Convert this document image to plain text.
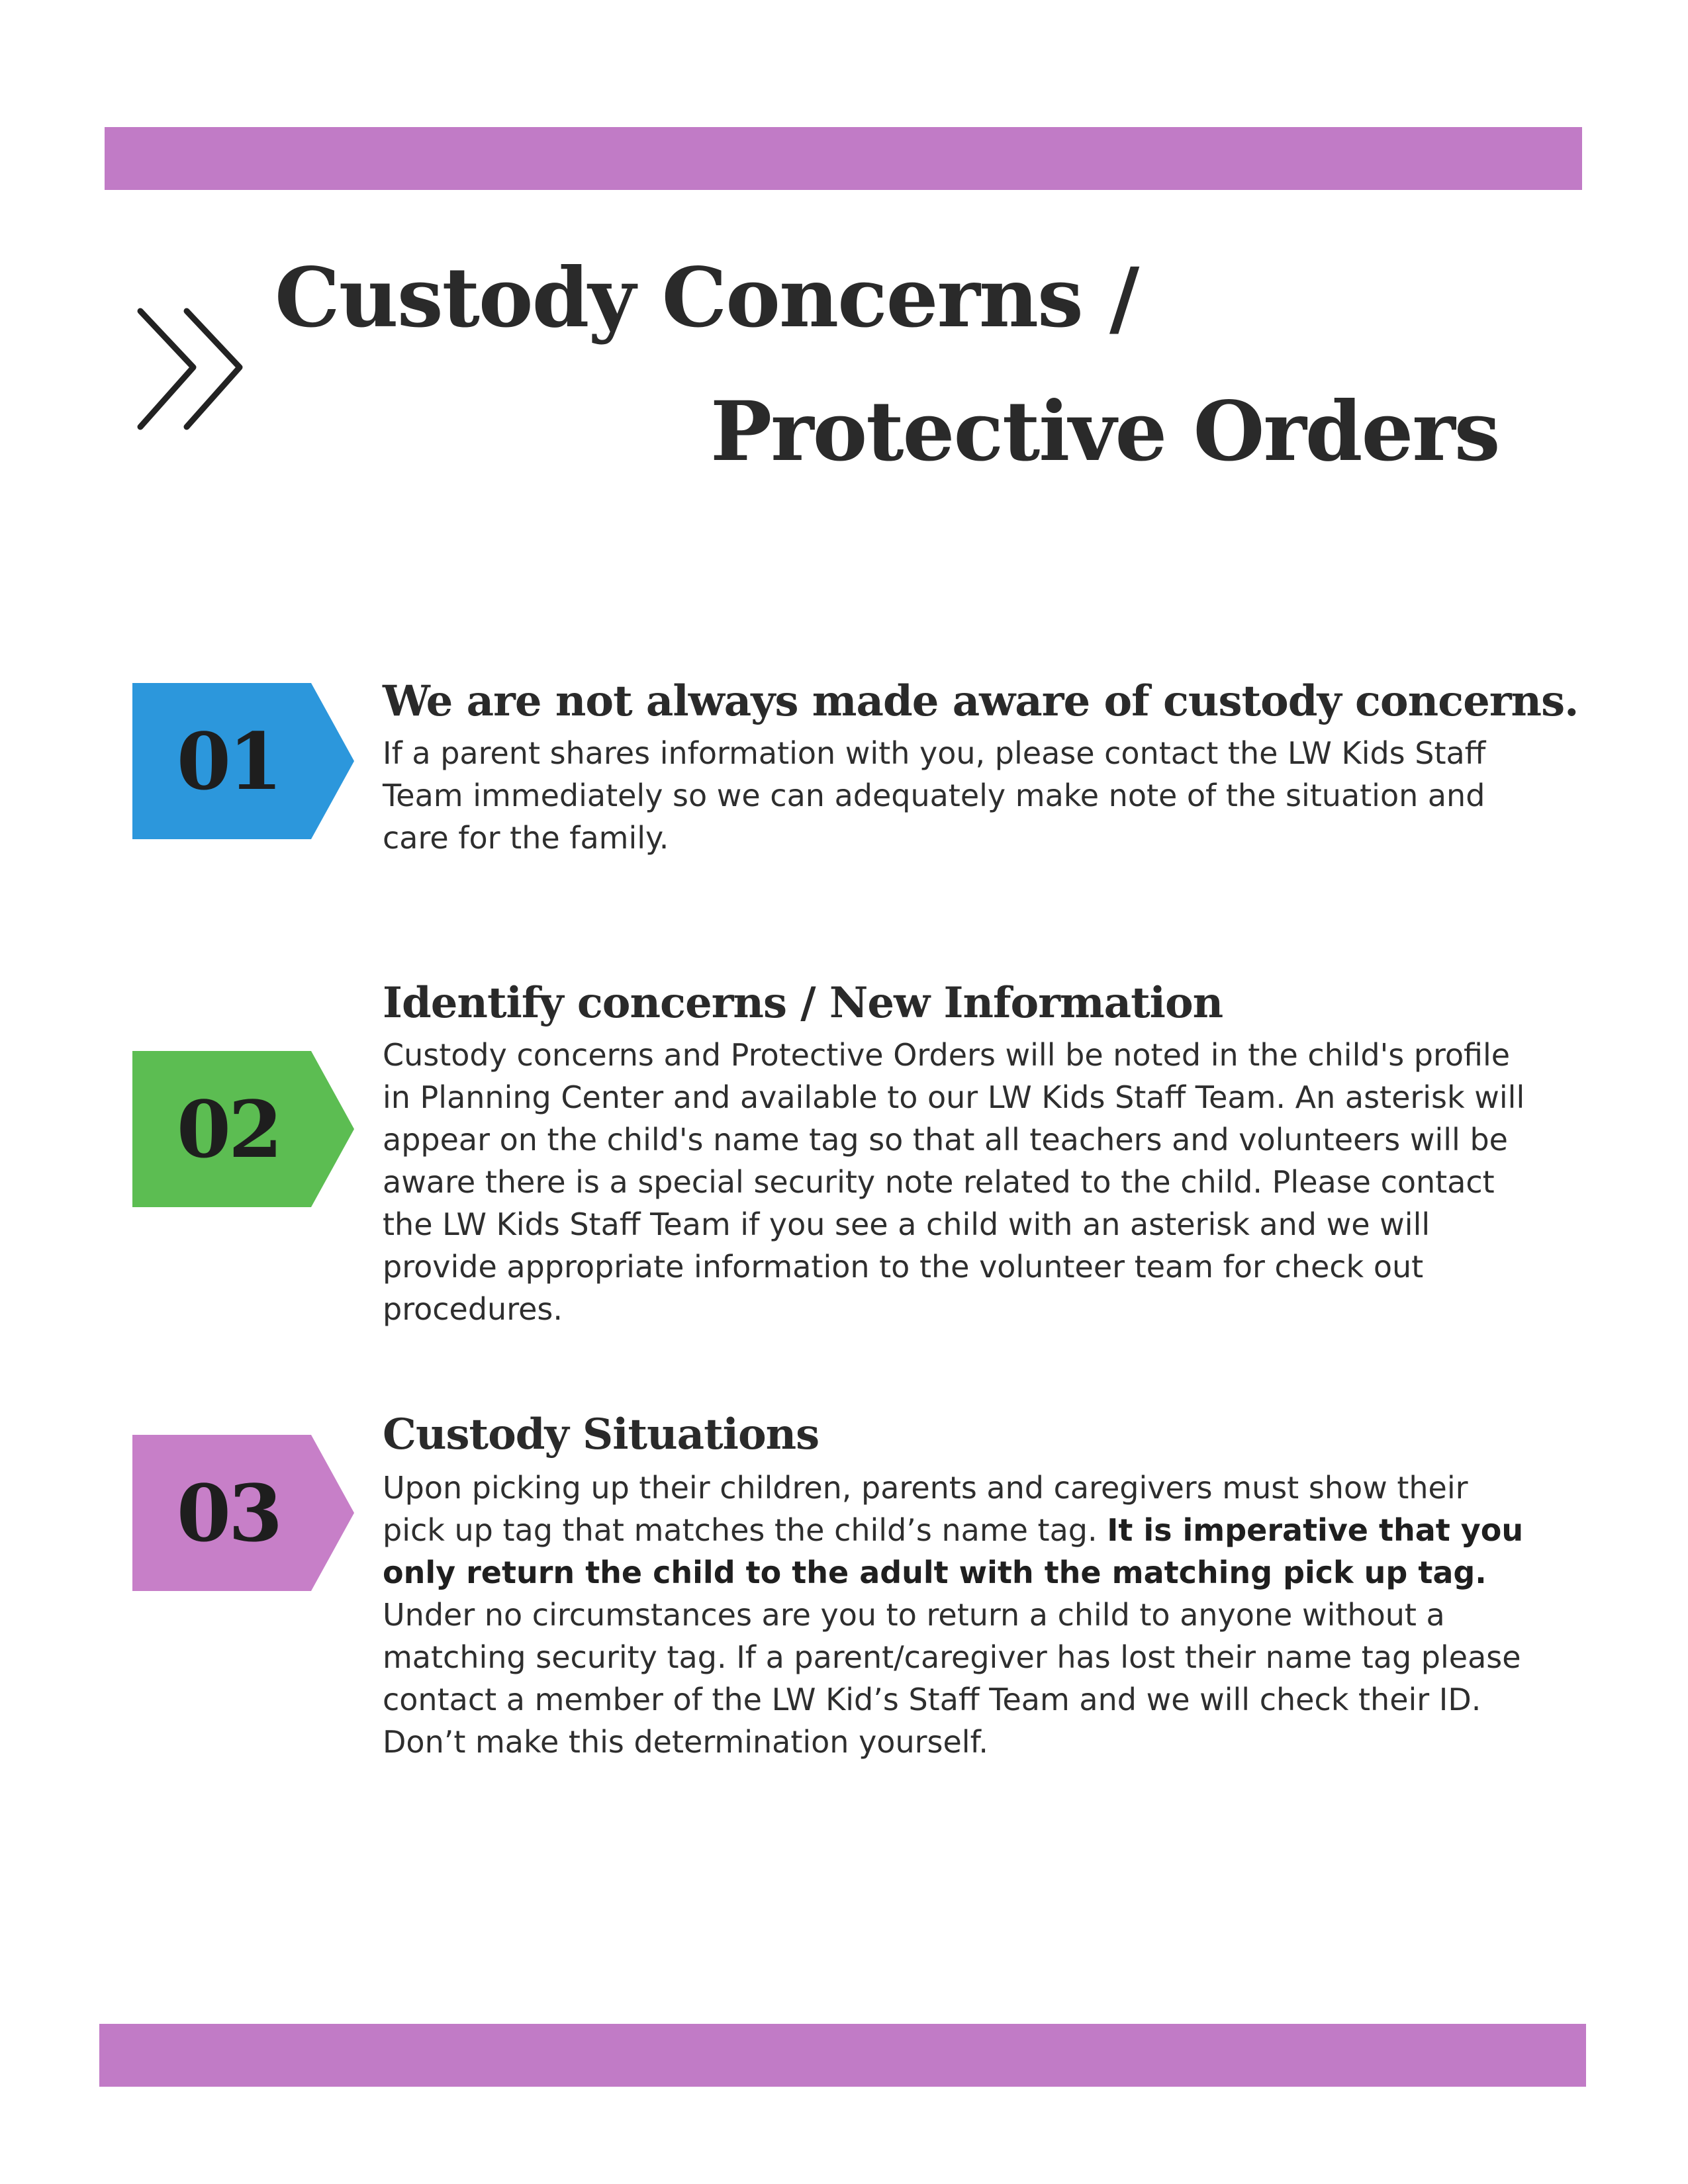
Custody Concerns /
Protective Orders
01
We are not always made aware of custody concerns.
If a parent shares information with you, please contact the LW Kids Staff Team immediately so we can adequately make note of the situation and care for the family.
02
Identify concerns / New Information
Custody concerns and Protective Orders will be noted in the child's profile in Planning Center and available to our LW Kids Staff Team. An asterisk will appear on the child's name tag so that all teachers and volunteers will be aware there is a special security note related to the child. Please contact the LW Kids Staff Team if you see a child with an asterisk and we will provide appropriate information to the volunteer team for check out procedures.
03
Custody Situations
Upon picking up their children, parents and caregivers must show their pick up tag that matches the child’s name tag. It is imperative that you only return the child to the adult with the matching pick up tag. Under no circumstances are you to return a child to anyone without a matching security tag. If a parent/caregiver has lost their name tag please contact a member of the LW Kid’s Staff Team and we will check their ID. Don’t make this determination yourself.
